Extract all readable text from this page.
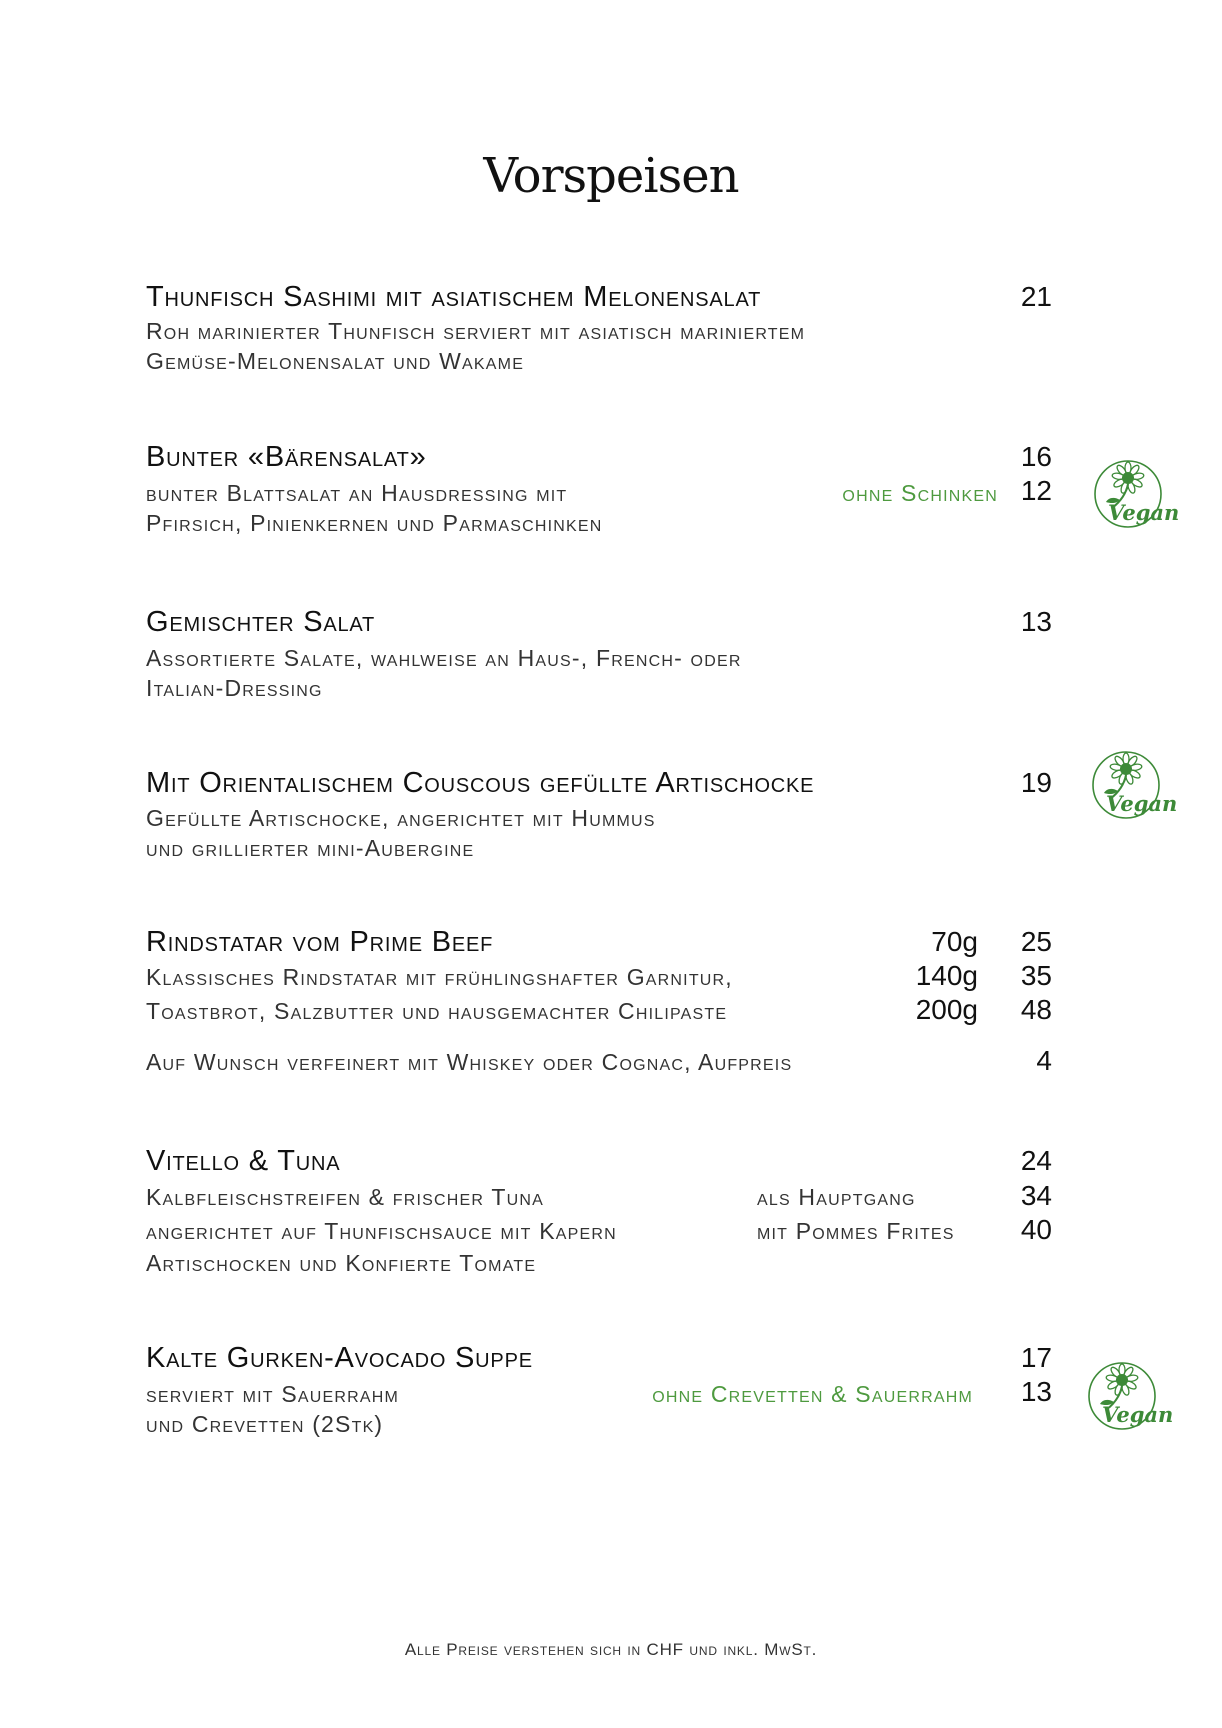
Vorspeisen
Thunfisch Sashimi mit asiatischem Melonensalat	21
Roh marinierter Thunfisch serviert mit asiatisch mariniertem
Gemüse-Melonensalat und Wakame
Bunter «Bärensalat»	16
bunter Blattsalat an Hausdressing mit
Pfirsich, Pinienkernen und Parmaschinken
ohne Schinken 12
Vegan
Gemischter Salat	13
Assortierte Salate, wahlweise an Haus-, French- oder
Italian-Dressing
Mit Orientalischem Couscous gefüllte Artischocke	19
Gefüllte Artischocke, angerichtet mit Hummus
und grillierter mini-Aubergine
Vegan
Rindstatar vom Prime Beef
Klassisches Rindstatar mit frühlingshafter Garnitur,
Toastbrot, Salzbutter und hausgemachter Chilipaste
70g	25
140g	35
200g	48
Auf Wunsch verfeinert mit Whiskey oder Cognac, Aufpreis	4
Vitello & Tuna	24
Kalbfleischstreifen & frischer Tuna
angerichtet auf Thunfischsauce mit Kapern
Artischocken und Konfierte Tomate
als Hauptgang	34
mit Pommes Frites	40
Kalte Gurken-Avocado Suppe	17
serviert mit Sauerrahm
und Crevetten (2Stk)
ohne Crevetten & Sauerrahm	13
Vegan
Alle Preise verstehen sich in CHF und inkl. MwSt.
